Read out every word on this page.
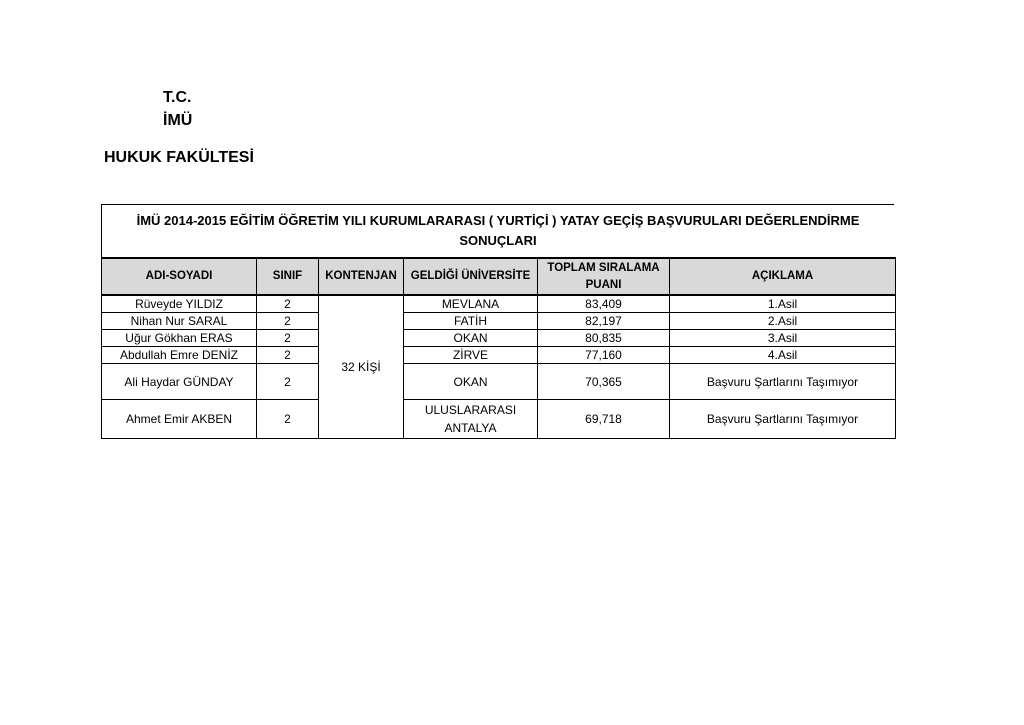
T.C.
İMÜ
HUKUK FAKÜLTESİ
İMÜ 2014-2015 EĞİTİM ÖĞRETİM YILI KURUMLARARASI ( YURTİÇİ ) YATAY GEÇİŞ BAŞVURULARI DEĞERLENDİRME
SONUÇLARI
ADI-SOYADI	SINIF	KONTENJAN	GELDİĞİ ÜNİVERSİTE	TOPLAM SIRALAMA
PUANI	AÇIKLAMA
Rüveyde YILDIZ	2	32 KİŞİ	MEVLANA	83,409	1.Asil
Nihan Nur SARAL	2		FATİH	82,197	2.Asil
Uğur Gökhan ERAS	2		OKAN	80,835	3.Asil
Abdullah Emre DENİZ	2		ZİRVE	77,160	4.Asil
Ali Haydar GÜNDAY	2		OKAN	70,365	Başvuru Şartlarını Taşımıyor
Ahmet Emir AKBEN	2		ULUSLARARASI
ANTALYA	69,718	Başvuru Şartlarını Taşımıyor
